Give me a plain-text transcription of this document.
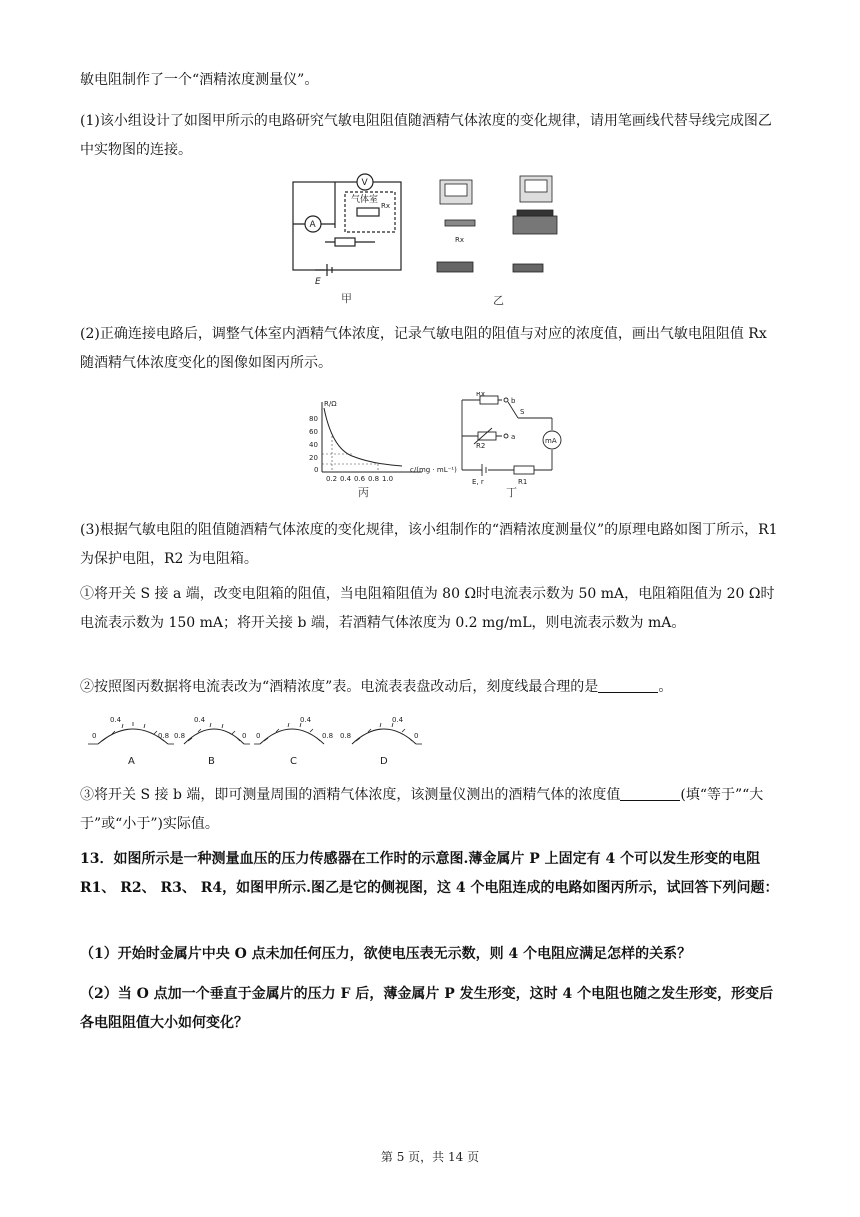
敏电阻制作了一个“酒精浓度测量仪”。
(1)该小组设计了如图甲所示的电路研究气敏电阻阻值随酒精气体浓度的变化规律，请用笔画线代替导线完成图乙中实物图的连接。
V
A
气体室
Rx
E
甲
Rx
乙
(2)正确连接电路后，调整气体室内酒精气体浓度，记录气敏电阻的阻值与对应的浓度值，画出气敏电阻阻值 Rx 随酒精气体浓度变化的图像如图丙所示。
R/Ω
c/(mg · mL⁻¹)
80
60
40
20
0
0.2 0.4 0.6 0.8 1.0
丙
mA
Rx
R2
R1
S
b
a
E, r
丁
(3)根据气敏电阻的阻值随酒精气体浓度的变化规律，该小组制作的“酒精浓度测量仪”的原理电路如图丁所示，R1 为保护电阻，R2 为电阻箱。
①将开关 S 接 a 端，改变电阻箱的阻值，当电阻箱阻值为 80 Ω时电流表示数为 50 mA，电阻箱阻值为 20 Ω时电流表示数为 150 mA；将开关接 b 端，若酒精气体浓度为 0.2 mg/mL，则电流表示数为 mA。
②按照图丙数据将电流表改为“酒精浓度”表。电流表表盘改动后，刻度线最合理的是	。
0
0.4
0.8
A
0.8
0.4
0
B
0
0.4
0.8
C
0.8
0.4
0
D
③将开关 S 接 b 端，即可测量周围的酒精气体浓度，该测量仪测出的酒精气体的浓度值	(填“等于”“大于”或“小于”)实际值。
13．如图所示是一种测量血压的压力传感器在工作时的示意图.薄金属片 P 上固定有 4 个可以发生形变的电阻 R1、 R2、 R3、 R4，如图甲所示.图乙是它的侧视图，这 4 个电阻连成的电路如图丙所示，试回答下列问题：
（1）开始时金属片中央 O 点未加任何压力，欲使电压表无示数，则 4 个电阻应满足怎样的关系？
（2）当 O 点加一个垂直于金属片的压力 F 后，薄金属片 P 发生形变，这时 4 个电阻也随之发生形变，形变后各电阻阻值大小如何变化？
第 5 页，共 14 页
